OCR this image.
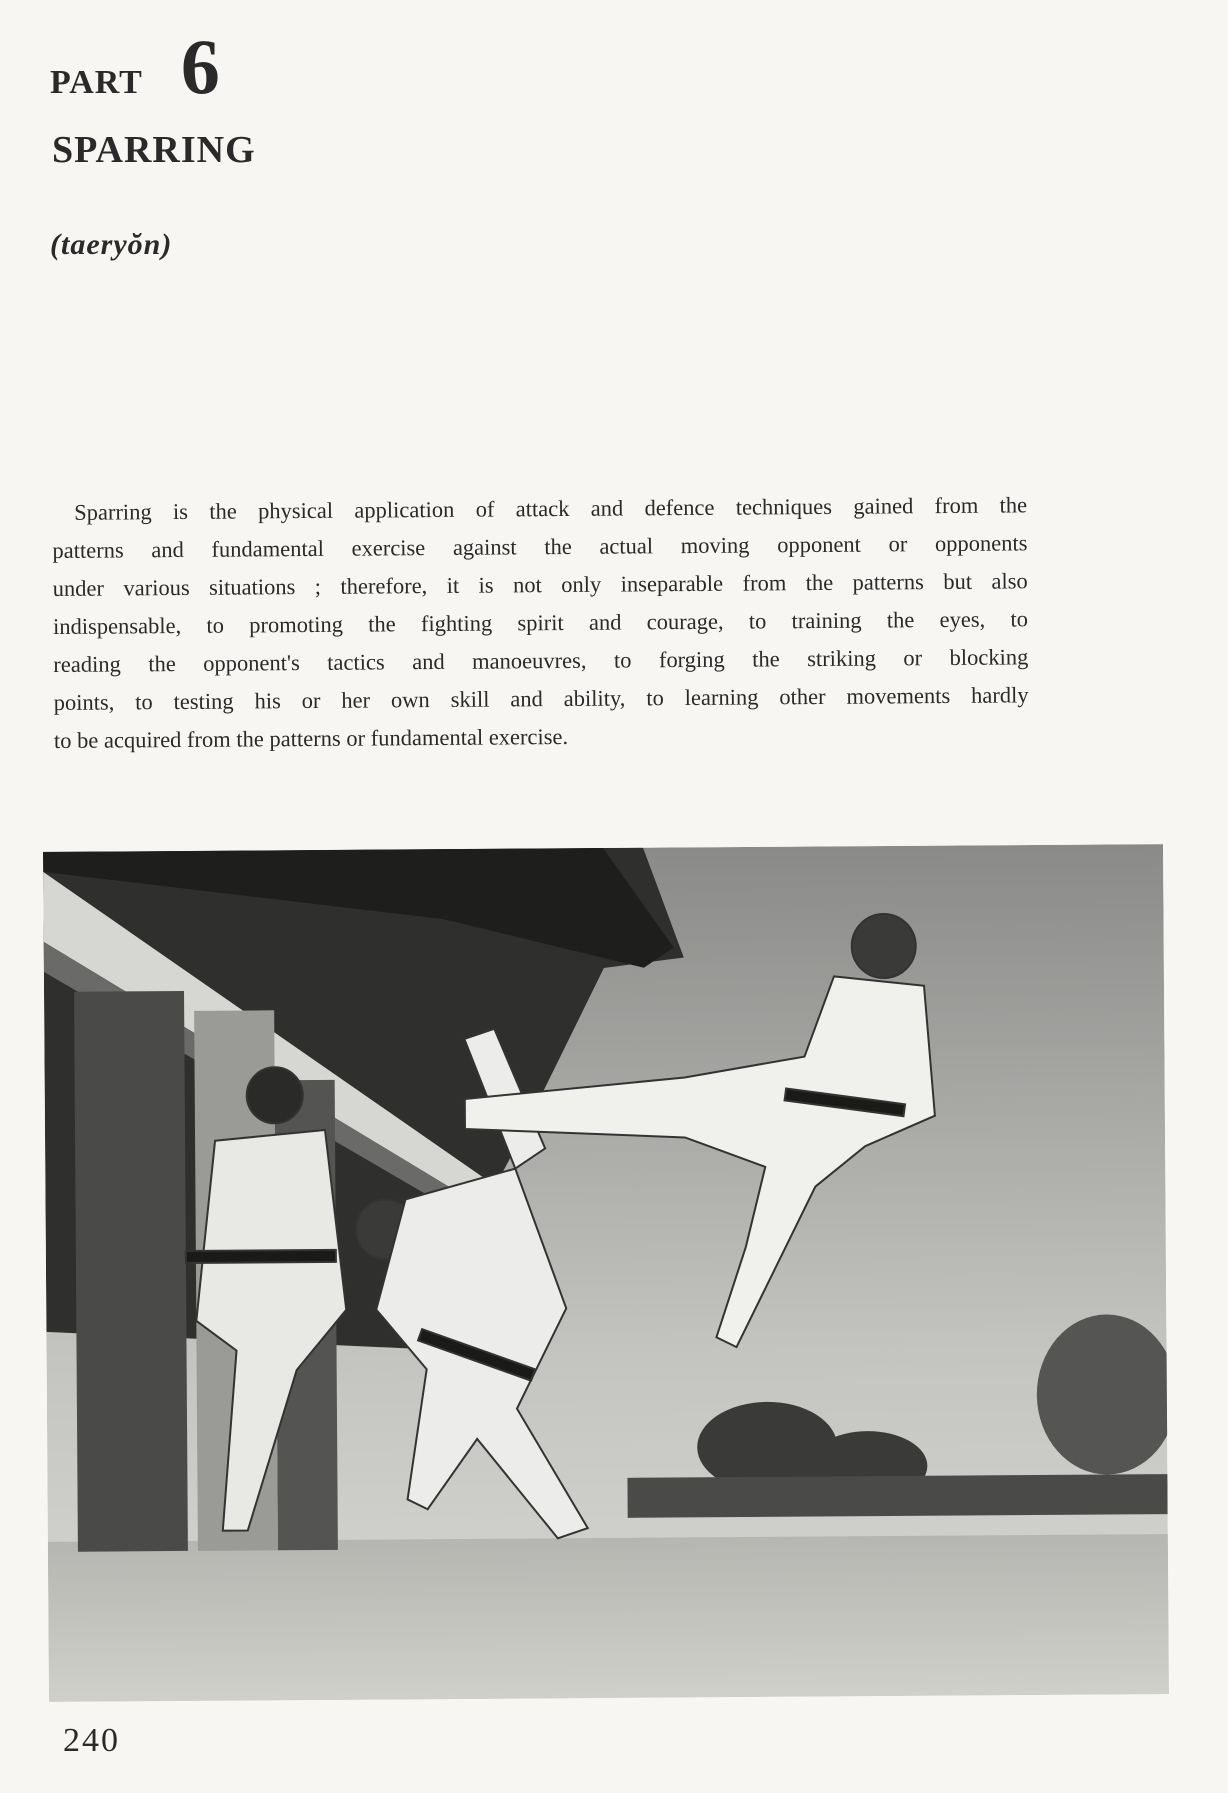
PART 6
SPARRING
(taeryŏn)
Sparring is the physical application of attack and defence techniques gained from the
patterns and fundamental exercise against the actual moving opponent or opponents
under various situations ; therefore, it is not only inseparable from the patterns but also
indispensable, to promoting the fighting spirit and courage, to training the eyes, to
reading the opponent's tactics and manoeuvres, to forging the striking or blocking
points, to testing his or her own skill and ability, to learning other movements hardly
to be acquired from the patterns or fundamental exercise.
240
